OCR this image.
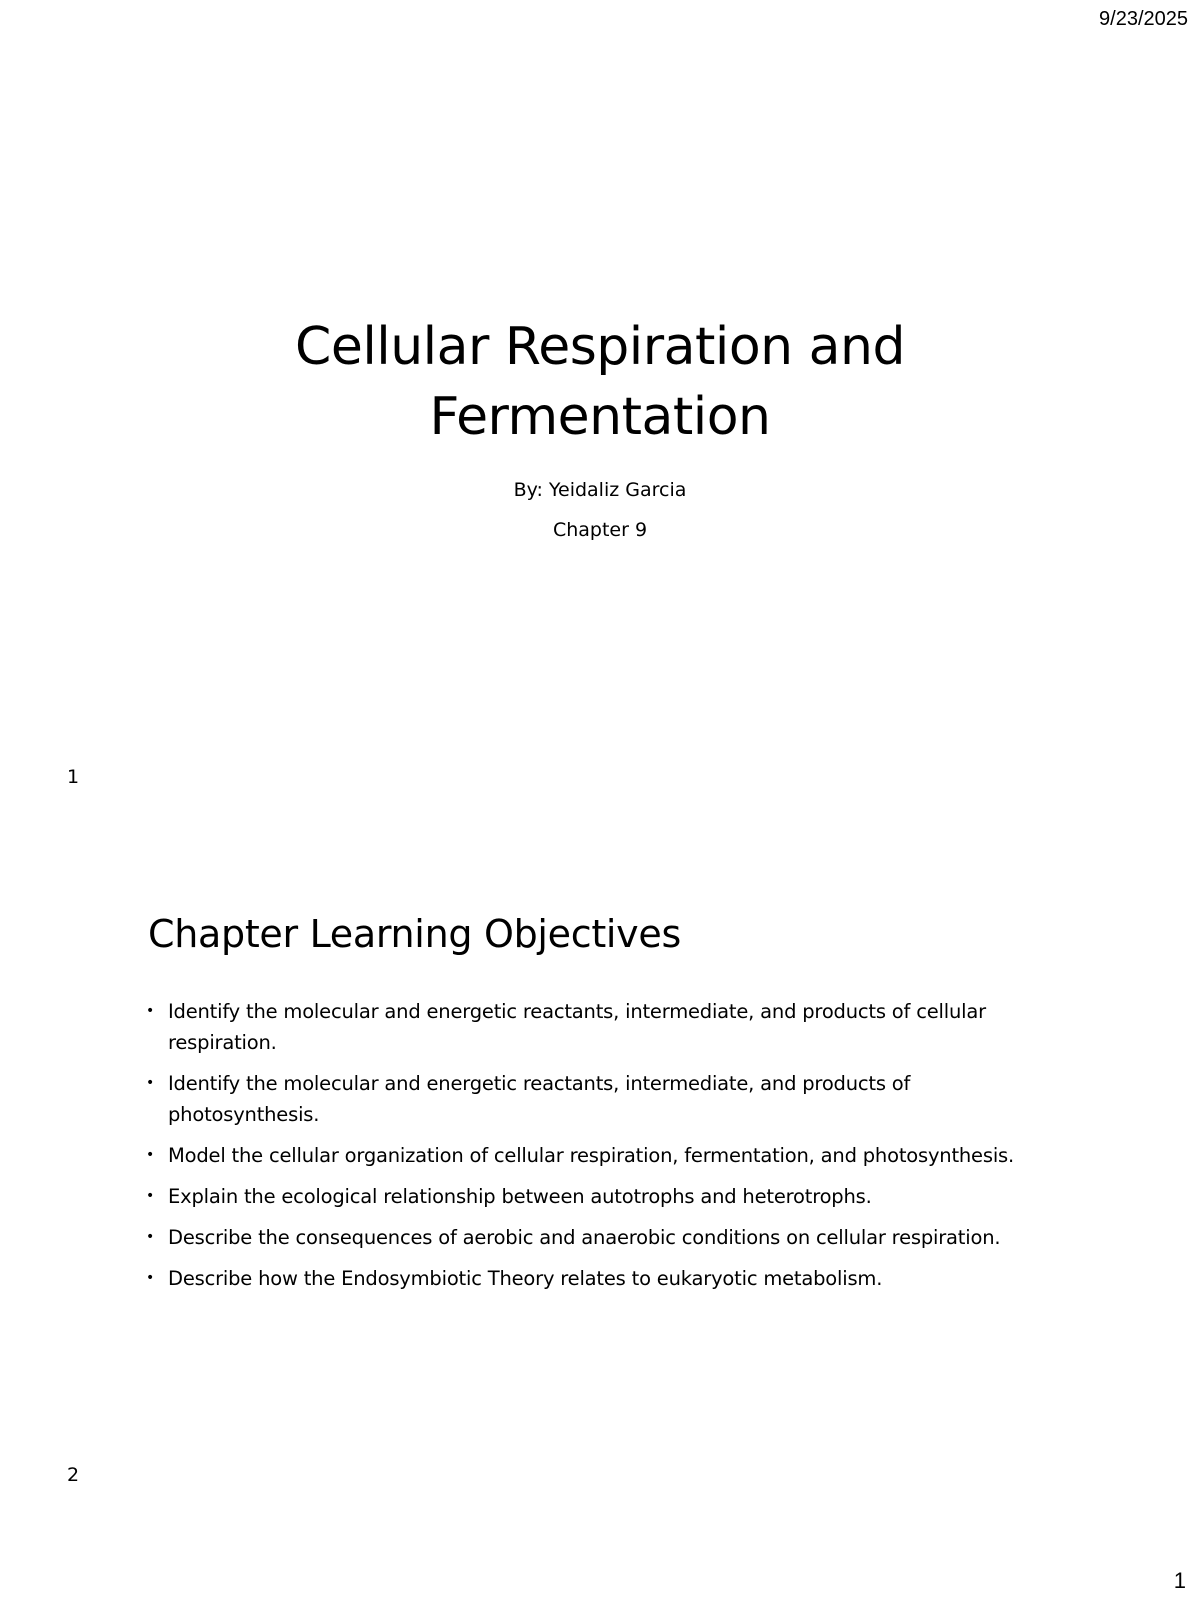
9/23/2025
Cellular Respiration and Fermentation

By: Yeidaliz Garcia

Chapter 9

1
Chapter Learning Objectives
• Identify the molecular and energetic reactants, intermediate, and products of cellular respiration.
• Identify the molecular and energetic reactants, intermediate, and products of photosynthesis.
• Model the cellular organization of cellular respiration, fermentation, and photosynthesis.
• Explain the ecological relationship between autotrophs and heterotrophs.
• Describe the consequences of aerobic and anaerobic conditions on cellular respiration.
• Describe how the Endosymbiotic Theory relates to eukaryotic metabolism.
2
1
